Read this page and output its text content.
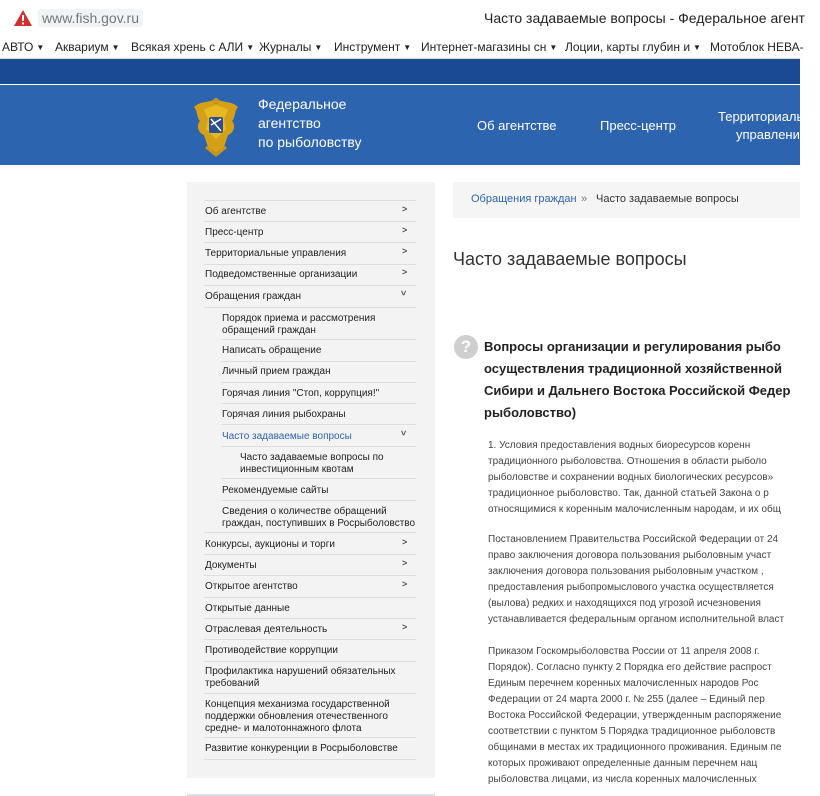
www.fish.gov.ru	Часто задаваемые вопросы - Федеральное агент
АВТО ▼ Аквариум ▼ Всякая хрень с АЛИ ▼ Журналы ▼ Инструмент ▼ Интернет-магазины сн ▼ Лоции, карты глубин и ▼ Мотоблок НЕВА-
Федеральное
агентство
по рыболовству
Об агентстве	Пресс-центр
Территориальны
управления
Об агентстве	>
Пресс-центр	>
Территориальные управления	>
Подведомственные организации	>
Обращения граждан	>
Порядок приема и рассмотрения
обращений граждан
Написать обращение
Личный прием граждан
Горячая линия "Стоп, коррупция!"
Горячая линия рыбохраны
Часто задаваемые вопросы	>
Часто задаваемые вопросы по
инвестиционным квотам
Рекомендуемые сайты
Сведения о количестве обращений
граждан, поступивших в Росрыболовство
Конкурсы, аукционы и торги	>
Документы	>
Открытое агентство	>
Открытые данные
Отраслевая деятельность	>
Противодействие коррупции
Профилактика нарушений обязательных
требований
Концепция механизма государственной
поддержки обновления отечественного
средне- и малотоннажного флота
Развитие конкуренции в Росрыболовстве
Обращения граждан » Часто задаваемые вопросы
Часто задаваемые вопросы
? Вопросы организации и регулирования рыбо
осуществления традиционной хозяйственной
Сибири и Дальнего Востока Российской Федер
рыболовство)
1. Условия предоставления водных биоресурсов коренн
традиционного рыболовства. Отношения в области рыболо
рыболовстве и сохранении водных биологических ресурсов»
традиционное рыболовство. Так, данной статьей Закона о р
относящимися к коренным малочисленным народам, и их общ
Постановлением Правительства Российской Федерации от 24
право заключения договора пользования рыболовным участ
заключения договора пользования рыболовным участком ,
предоставления рыбопромыслового участка осуществляется
(вылова) редких и находящихся под угрозой исчезновения
устанавливается федеральным органом исполнительной власт
Приказом Госкомрыболовства России от 11 апреля 2008 г.
Порядок). Согласно пункту 2 Порядка его действие распрост
Единым перечнем коренных малочисленных народов Рос
Федерации от 24 марта 2000 г. № 255 (далее – Единый пер
Востока Российской Федерации, утвержденным распоряжение
соответствии с пунктом 5 Порядка традиционное рыболовств
общинами в местах их традиционного проживания. Единым пе
которых проживают определенные данным перечнем нац
рыболовства лицами, из числа коренных малочисленных
